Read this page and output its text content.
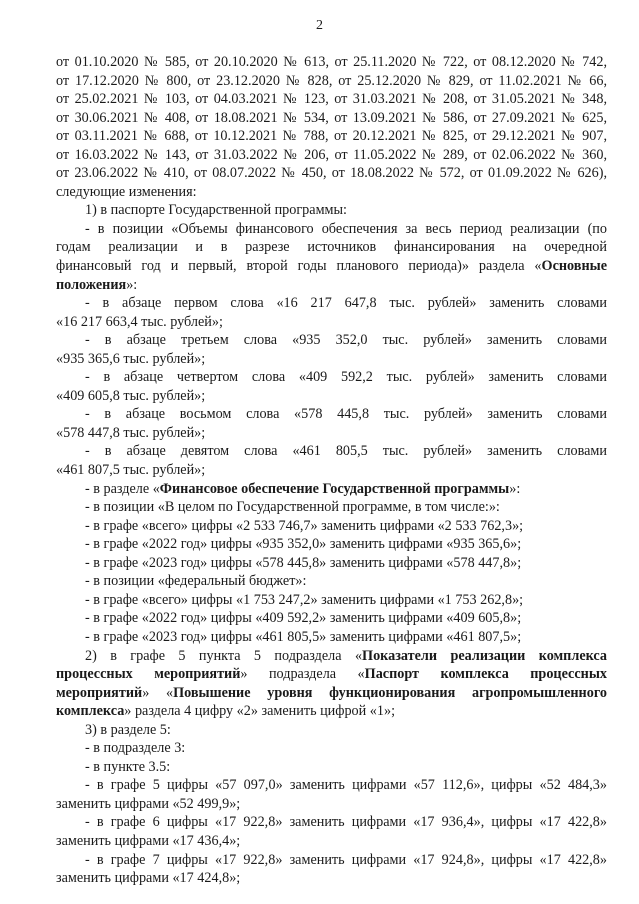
2
от 01.10.2020 № 585, от 20.10.2020 № 613, от 25.11.2020 № 722, от 08.12.2020 № 742,
от 17.12.2020 № 800, от 23.12.2020 № 828, от 25.12.2020 № 829, от 11.02.2021 № 66,
от 25.02.2021 № 103, от 04.03.2021 № 123, от 31.03.2021 № 208, от 31.05.2021 № 348,
от 30.06.2021 № 408, от 18.08.2021 № 534, от 13.09.2021 № 586, от 27.09.2021 № 625,
от 03.11.2021 № 688, от 10.12.2021 № 788, от 20.12.2021 № 825, от 29.12.2021 № 907,
от 16.03.2022 № 143, от 31.03.2022 № 206, от 11.05.2022 № 289, от 02.06.2022 № 360,
от 23.06.2022 № 410, от 08.07.2022 № 450, от 18.08.2022 № 572, от 01.09.2022 № 626),
следующие изменения:
1) в паспорте Государственной программы:
- в позиции «Объемы финансового обеспечения за весь период реализации (по
годам реализации и в разрезе источников финансирования на очередной
финансовый год и первый, второй годы планового периода)» раздела «Основные
положения»:
- в абзаце первом слова «16 217 647,8 тыс. рублей» заменить словами
«16 217 663,4 тыс. рублей»;
- в абзаце третьем слова «935 352,0 тыс. рублей» заменить словами
«935 365,6 тыс. рублей»;
- в абзаце четвертом слова «409 592,2 тыс. рублей» заменить словами
«409 605,8 тыс. рублей»;
- в абзаце восьмом слова «578 445,8 тыс. рублей» заменить словами
«578 447,8 тыс. рублей»;
- в абзаце девятом слова «461 805,5 тыс. рублей» заменить словами
«461 807,5 тыс. рублей»;
- в разделе «Финансовое обеспечение Государственной программы»:
- в позиции «В целом по Государственной программе, в том числе:»:
- в графе «всего» цифры «2 533 746,7» заменить цифрами «2 533 762,3»;
- в графе «2022 год» цифры «935 352,0» заменить цифрами «935 365,6»;
- в графе «2023 год» цифры «578 445,8» заменить цифрами «578 447,8»;
- в позиции «федеральный бюджет»:
- в графе «всего» цифры «1 753 247,2» заменить цифрами «1 753 262,8»;
- в графе «2022 год» цифры «409 592,2» заменить цифрами «409 605,8»;
- в графе «2023 год» цифры «461 805,5» заменить цифрами «461 807,5»;
2) в графе 5 пункта 5 подраздела «Показатели реализации комплекса
процессных мероприятий» подраздела «Паспорт комплекса процессных
мероприятий» «Повышение уровня функционирования агропромышленного
комплекса» раздела 4 цифру «2» заменить цифрой «1»;
3) в разделе 5:
- в подразделе 3:
- в пункте 3.5:
- в графе 5 цифры «57 097,0» заменить цифрами «57 112,6», цифры «52 484,3»
заменить цифрами «52 499,9»;
- в графе 6 цифры «17 922,8» заменить цифрами «17 936,4», цифры «17 422,8»
заменить цифрами «17 436,4»;
- в графе 7 цифры «17 922,8» заменить цифрами «17 924,8», цифры «17 422,8»
заменить цифрами «17 424,8»;
